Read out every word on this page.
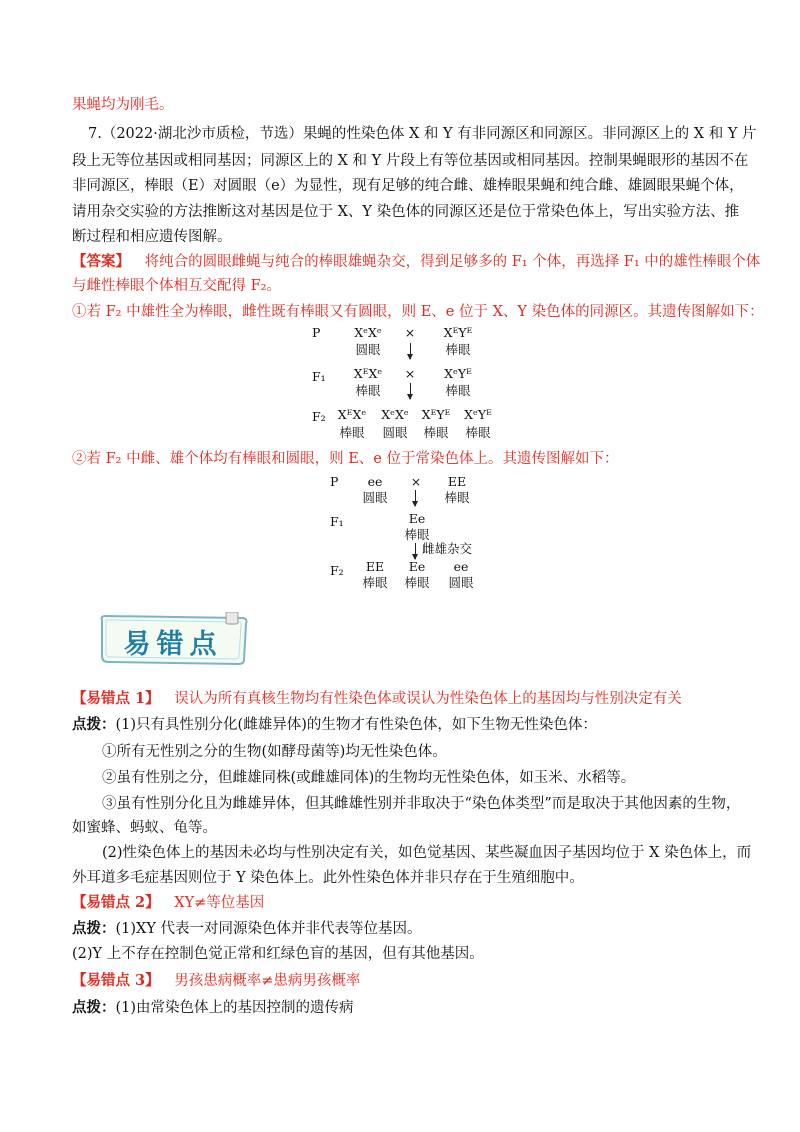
果蝇均为刚毛。
7.（2022·湖北沙市质检，节选）果蝇的性染色体 X 和 Y 有非同源区和同源区。非同源区上的 X 和 Y 片
段上无等位基因或相同基因；同源区上的 X 和 Y 片段上有等位基因或相同基因。控制果蝇眼形的基因不在
非同源区，棒眼（E）对圆眼（e）为显性，现有足够的纯合雌、雄棒眼果蝇和纯合雌、雄圆眼果蝇个体，
请用杂交实验的方法推断这对基因是位于 X、Y 染色体的同源区还是位于常染色体上，写出实验方法、推
断过程和相应遗传图解。
【答案】 将纯合的圆眼雌蝇与纯合的棒眼雄蝇杂交，得到足够多的 F₁ 个体，再选择 F₁ 中的雄性棒眼个体
与雌性棒眼个体相互交配得 F₂。
①若 F₂ 中雄性全为棒眼，雌性既有棒眼又有圆眼，则 E、e 位于 X、Y 染色体的同源区。其遗传图解如下：
P	XᵉXᵉ
圆眼
×	XᴱYᴱ
棒眼
F₁	XᴱXᵉ
棒眼
×	XᵉYᴱ
棒眼
F₂ XᴱXᵉ	XᵉXᵉ	XᴱYᴱ	XᵉYᴱ
棒眼	圆眼	棒眼	棒眼
②若 F₂ 中雌、雄个体均有棒眼和圆眼，则 E、e 位于常染色体上。其遗传图解如下：
P	ee
圆眼
×	EE
棒眼
F₁	Ee
棒眼
雌雄杂交
F₂	EE	Ee	ee
棒眼	棒眼	圆眼
易错点
【易错点 1】 误认为所有真核生物均有性染色体或误认为性染色体上的基因均与性别决定有关
点拨：(1)只有具性别分化(雌雄异体)的生物才有性染色体，如下生物无性染色体：
①所有无性别之分的生物(如酵母菌等)均无性染色体。
②虽有性别之分，但雌雄同株(或雌雄同体)的生物均无性染色体，如玉米、水稻等。
③虽有性别分化且为雌雄异体，但其雌雄性别并非取决于“染色体类型”而是取决于其他因素的生物，
如蜜蜂、蚂蚁、龟等。
(2)性染色体上的基因未必均与性别决定有关，如色觉基因、某些凝血因子基因均位于 X 染色体上，而
外耳道多毛症基因则位于 Y 染色体上。此外性染色体并非只存在于生殖细胞中。
【易错点 2】 XY≠等位基因
点拨：(1)XY 代表一对同源染色体并非代表等位基因。
(2)Y 上不存在控制色觉正常和红绿色盲的基因，但有其他基因。
【易错点 3】 男孩患病概率≠患病男孩概率
点拨：(1)由常染色体上的基因控制的遗传病
